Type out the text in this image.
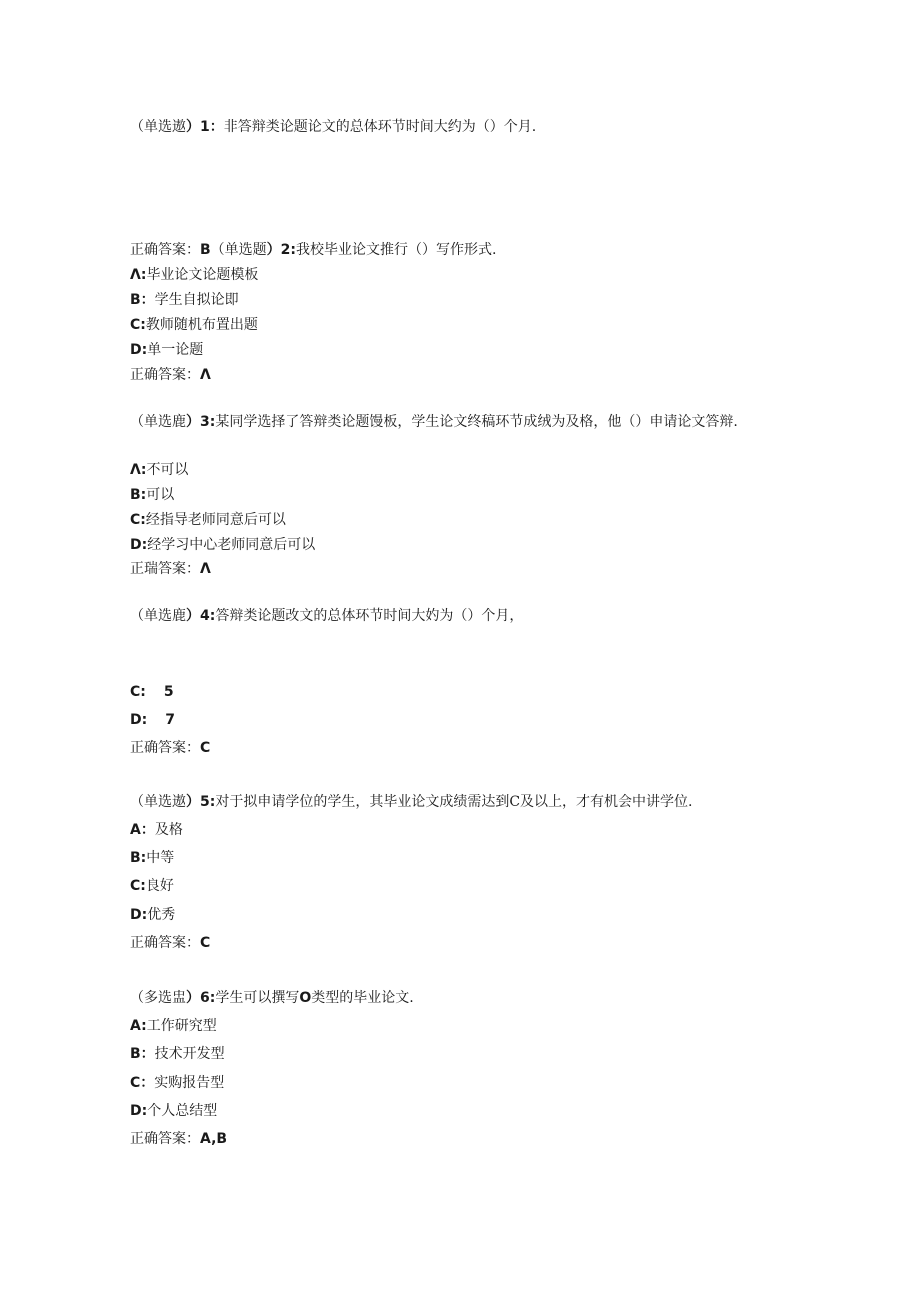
（单选遨）1：非答辩类论题论文的总体环节时间大约为（）个月.
正确答案：B（单选题）2:我校毕业论文推行（）写作形式.
Λ:毕业论文论题模板
B：学生自拟论即
C:教师随机布置出题
D:单一论题
正确答案：Λ
（单选鹿）3:某同学选择了答辩类论题馒板，学生论文终稿环节成绒为及格，他（）申请论文答辩.
Λ:不可以
B:可以
C:经指导老师同意后可以
D:经学习中心老师同意后可以
正瑞答案：Λ
（单选鹿）4:答辩类论题改文的总体环节时间大妁为（）个月，
C: 5
D: 7
正确答案：C
（单选遨）5:对于拟申请学位的学生，其毕业论文成绩需达到C及以上，才有机会中讲学位.
A：及格
B:中等
C:良好
D:优秀
正确答案：C
（多选盅）6:学生可以撰写O类型的毕业论文.
A:工作研究型
B：技术开发型
C：实购报告型
D:个人总结型
正确答案：A,B
